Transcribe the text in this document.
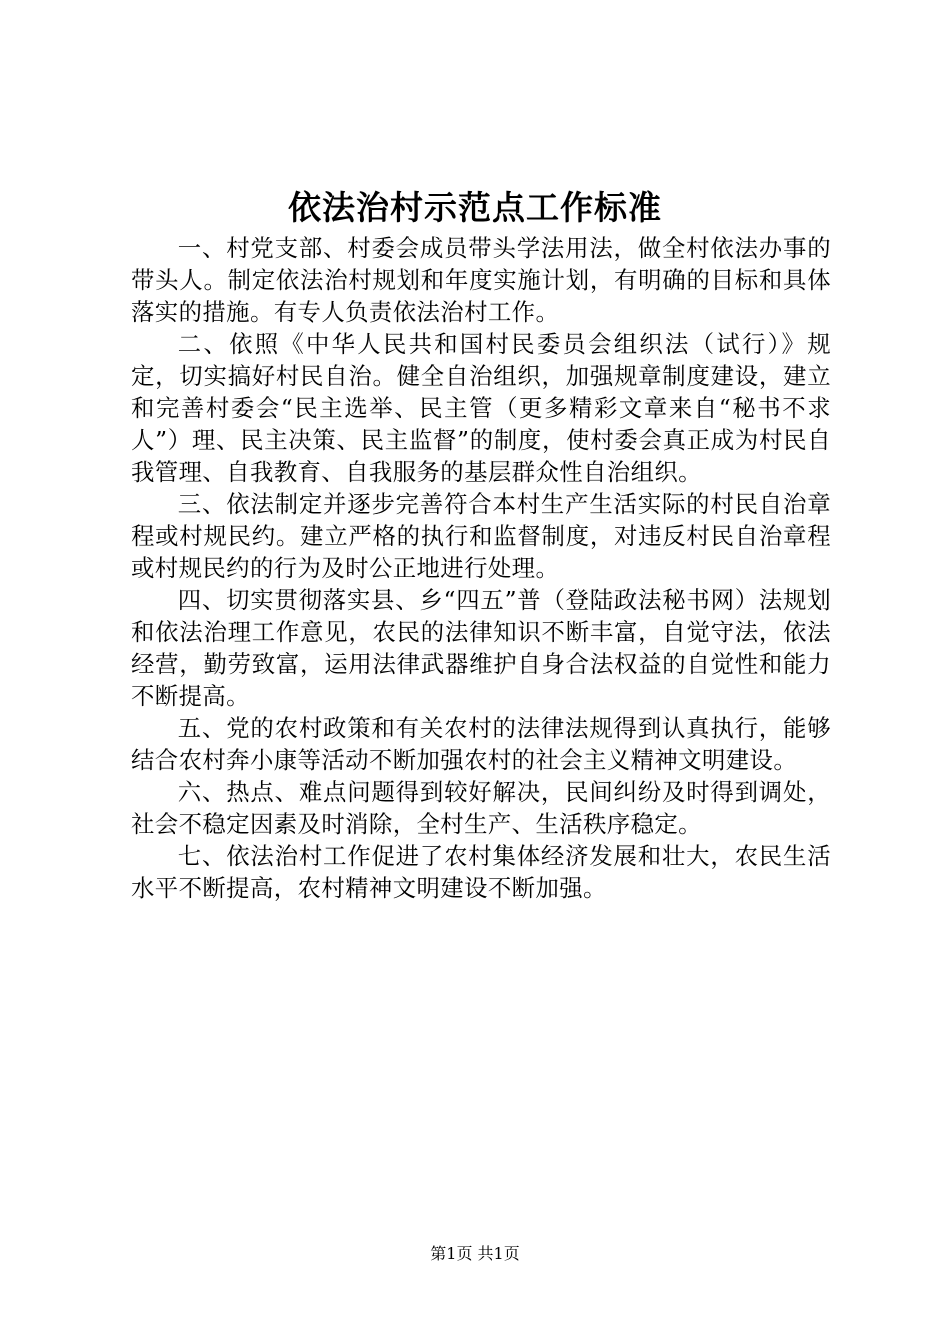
依法治村示范点工作标准

一、村党支部、村委会成员带头学法用法，做全村依法办事的带头人。制定依法治村规划和年度实施计划，有明确的目标和具体落实的措施。有专人负责依法治村工作。

二、依照《中华人民共和国村民委员会组织法（试行）》规定，切实搞好村民自治。健全自治组织，加强规章制度建设，建立和完善村委会“民主选举、民主管（更多精彩文章来自“秘书不求人”）理、民主决策、民主监督”的制度，使村委会真正成为村民自我管理、自我教育、自我服务的基层群众性自治组织。

三、依法制定并逐步完善符合本村生产生活实际的村民自治章程或村规民约。建立严格的执行和监督制度，对违反村民自治章程或村规民约的行为及时公正地进行处理。

四、切实贯彻落实县、乡“四五”普（登陆政法秘书网）法规划和依法治理工作意见，农民的法律知识不断丰富，自觉守法，依法经营，勤劳致富，运用法律武器维护自身合法权益的自觉性和能力不断提高。

五、党的农村政策和有关农村的法律法规得到认真执行，能够结合农村奔小康等活动不断加强农村的社会主义精神文明建设。

六、热点、难点问题得到较好解决，民间纠纷及时得到调处，社会不稳定因素及时消除，全村生产、生活秩序稳定。

七、依法治村工作促进了农村集体经济发展和壮大，农民生活水平不断提高，农村精神文明建设不断加强。

第1页 共1页
